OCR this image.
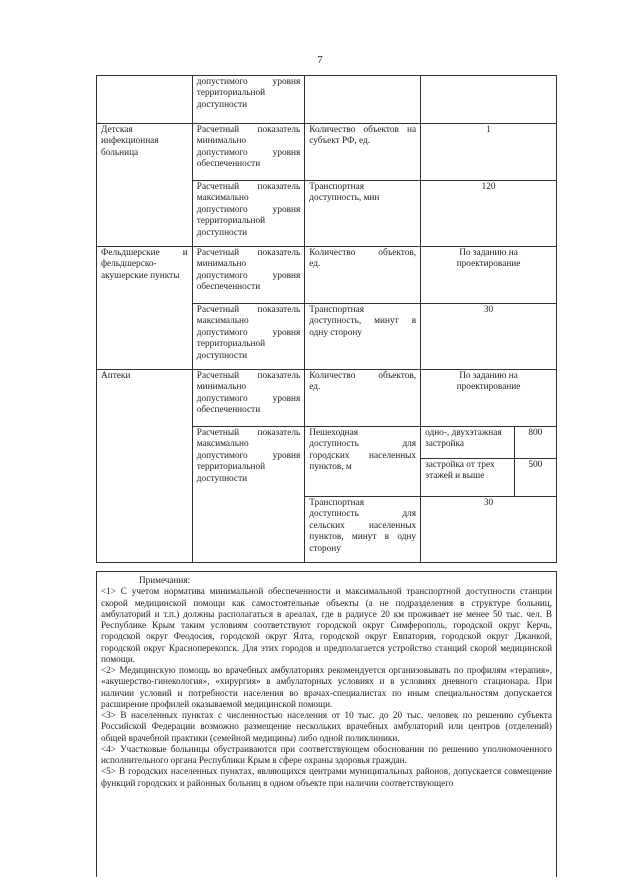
7

	допустимого уровня
территориальной
доступности			

Детская
инфекционная
больница	Расчетный показатель
минимально
допустимого уровня
обеспеченности	Количество объектов на
субъект РФ, ед.	1	

	Расчетный показатель
максимально
допустимого уровня
территориальной
доступности	Транспортная
доступность, мин	120	

Фельдшерские и
фельдшерско-
акушерские пункты	Расчетный показатель
минимально
допустимого уровня
обеспеченности	Количество объектов,
ед.	По заданию на
проектирование	

	Расчетный показатель
максимально
допустимого уровня
территориальной
доступности	Транспортная
доступность, минут в
одну сторону	30	

Аптеки	Расчетный показатель
минимально
допустимого уровня
обеспеченности	Количество объектов,
ед.	По заданию на
проектирование	

	Расчетный показатель
максимально
допустимого уровня
территориальной
доступности	Пешеходная
доступность для
городских населенных
пунктов, м	одно-, двухэтажная
застройка	800

			застройка от трех
этажей и выше	500

		Транспортная
доступность для
сельских населенных
пунктов, минут в одну
сторону	30	

Примечания:

<1> С учетом норматива минимальной обеспеченности и максимальной транспортной доступности станции скорой медицинской помощи как самостоятельные объекты (а не подразделения в структуре больниц, амбулаторий и т.п.) должны располагаться в ареалах, где в радиусе 20 км проживает не менее 50 тыс. чел. В Республике Крым таким условиям соответствуют городской округ Симферополь, городской округ Керчь, городской округ Феодосия, городской округ Ялта, городской округ Евпатория, городской округ Джанкой, городской округ Красноперекопск. Для этих городов и предполагается устройство станций скорой медицинской помощи.

<2> Медицинскую помощь во врачебных амбулаториях рекомендуется организовывать по профилям «терапия», «акушерство-гинекология», «хирургия» в амбулаторных условиях и в условиях дневного стационара. При наличии условий и потребности населения во врачах-специалистах по иным специальностям допускается расширение профилей оказываемой медицинской помощи.

<3> В населенных пунктах с численностью населения от 10 тыс. до 20 тыс. человек по решению субъекта Российской Федерации возможно размещение нескольких врачебных амбулаторий или центров (отделений) общей врачебной практики (семейной медицины) либо одной поликлиники.

<4> Участковые больницы обустраиваются при соответствующем обосновании по решению уполномоченного исполнительного органа Республики Крым в сфере охраны здоровья граждан.

<5> В городских населенных пунктах, являющихся центрами муниципальных районов, допускается совмещение функций городских и районных больниц в одном объекте при наличии соответствующего
